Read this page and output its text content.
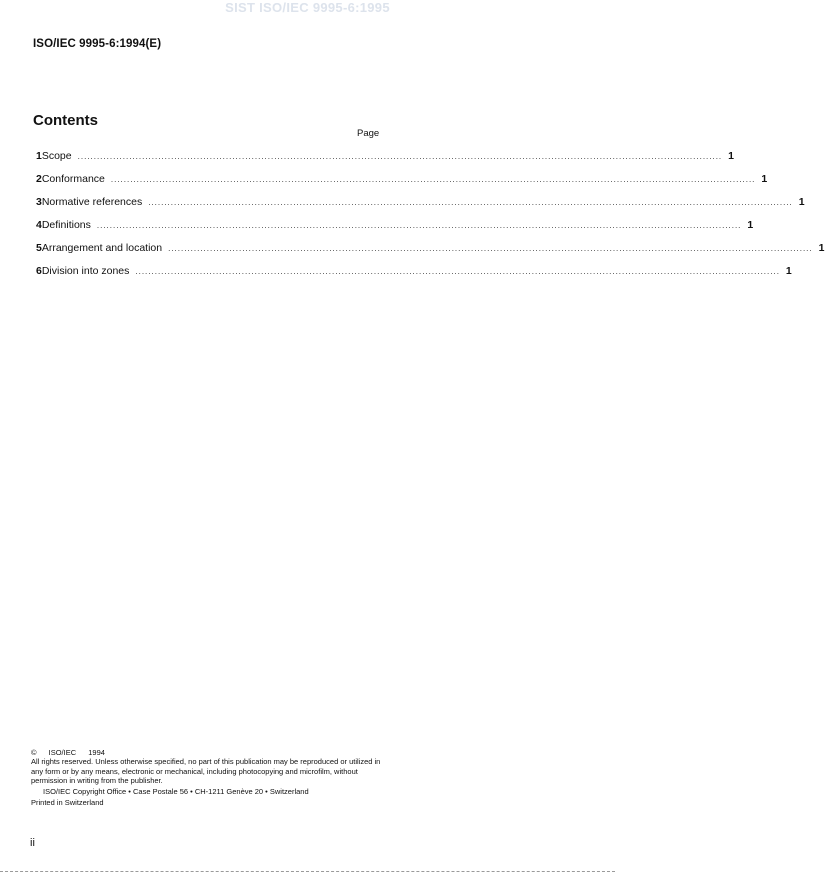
SIST ISO/IEC 9995-6:1995
ISO/IEC 9995-6:1994(E)
Contents
Page
1 Scope ........................................................................................................................................................................................................ 1
2 Conformance ........................................................................................................................................................................................................ 1
3 Normative references ........................................................................................................................................................................................................ 1
4 Definitions ........................................................................................................................................................................................................ 1
5 Arrangement and location ........................................................................................................................................................................................................ 1
6 Division into zones ........................................................................................................................................................................................................ 1

© ISO/IEC 1994

All rights reserved. Unless otherwise specified, no part of this publication may be reproduced or utilized in any form or by any means, electronic or mechanical, including photocopying and microfilm, without permission in writing from the publisher.

ISO/IEC Copyright Office • Case Postale 56 • CH-1211 Genève 20 • Switzerland

Printed in Switzerland

ii
